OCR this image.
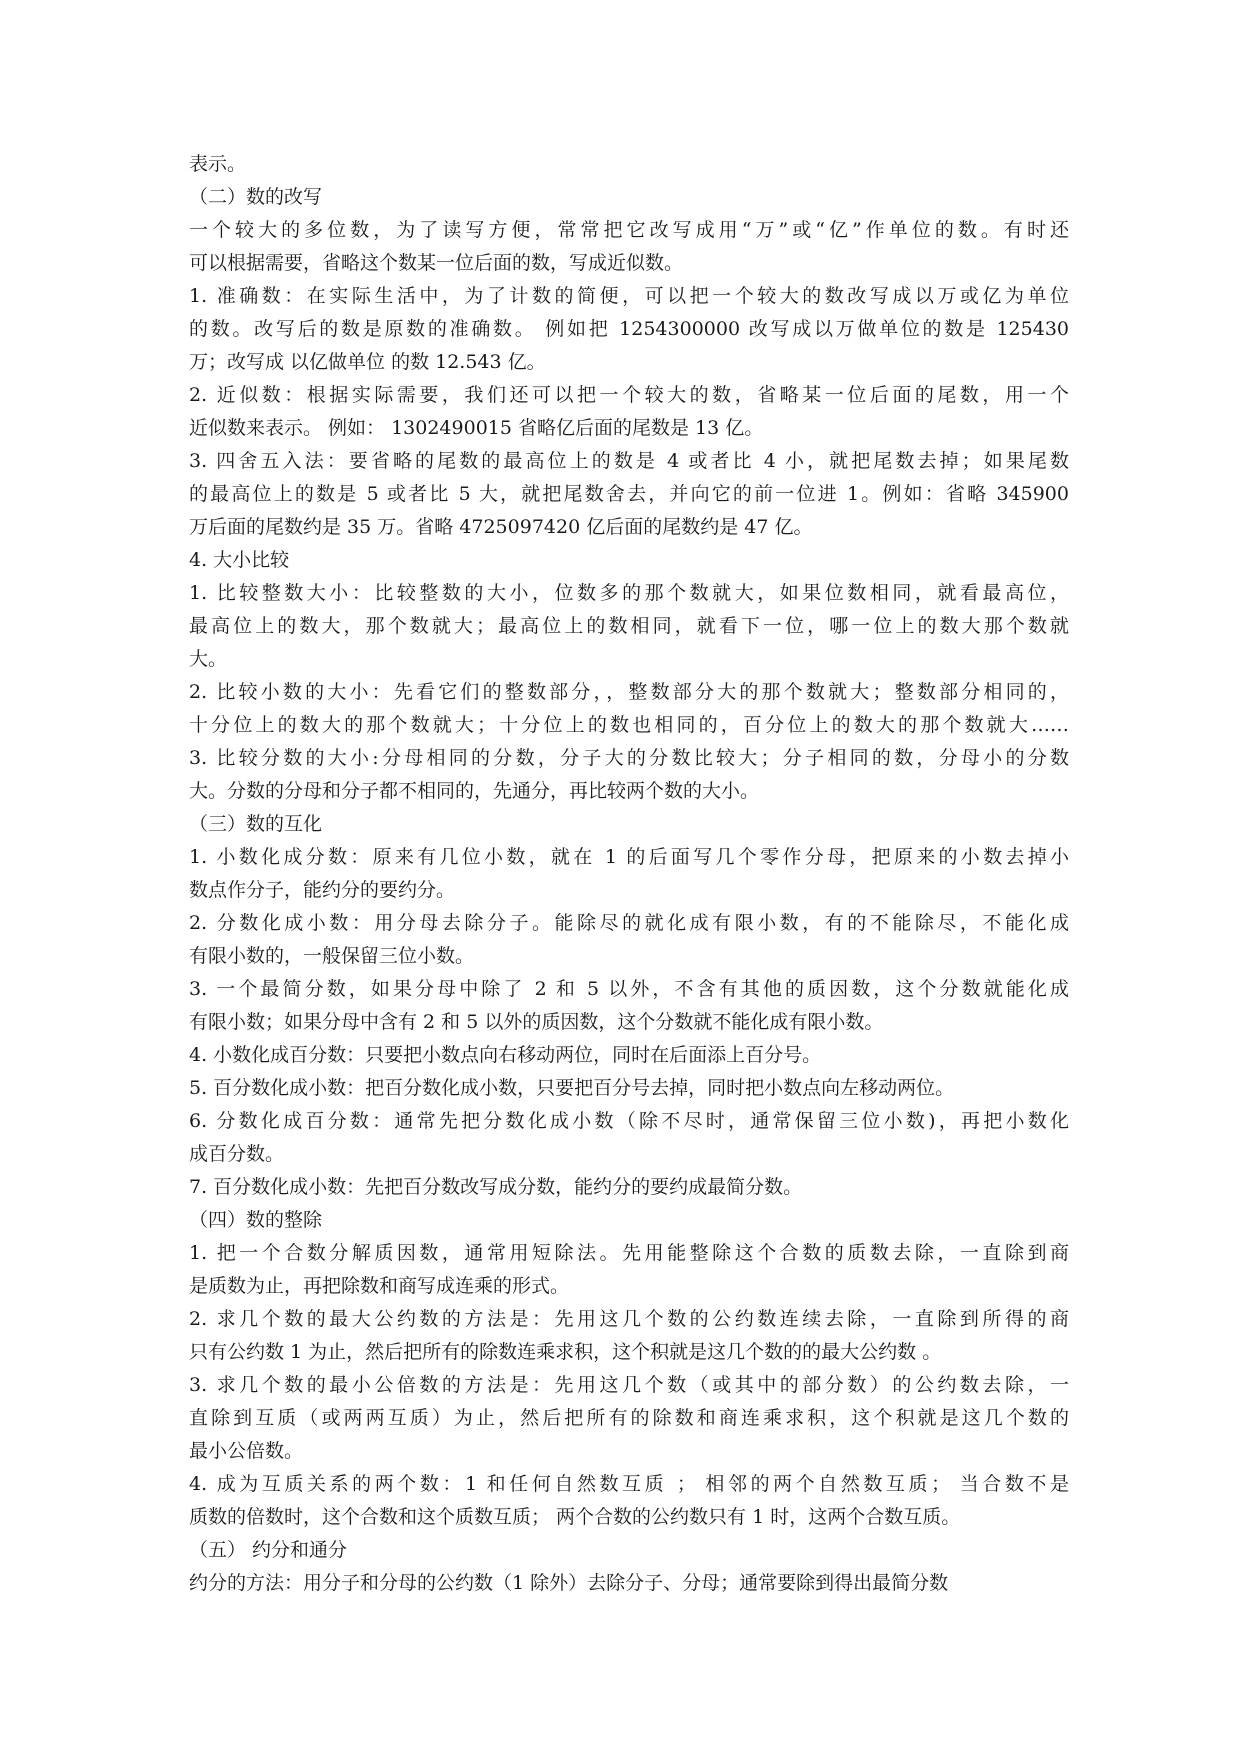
表示。
（二）数的改写
一个较大的多位数，为了读写方便，常常把它改写成用“万”或“亿”作单位的数。有时还
可以根据需要，省略这个数某一位后面的数，写成近似数。
1. 准确数：在实际生活中，为了计数的简便，可以把一个较大的数改写成以万或亿为单位
的数。改写后的数是原数的准确数。 例如把 1254300000 改写成以万做单位的数是 125430
万；改写成 以亿做单位 的数 12.543 亿。
2. 近似数：根据实际需要，我们还可以把一个较大的数，省略某一位后面的尾数，用一个
近似数来表示。 例如： 1302490015 省略亿后面的尾数是 13 亿。
3. 四舍五入法：要省略的尾数的最高位上的数是 4 或者比 4 小，就把尾数去掉；如果尾数
的最高位上的数是 5 或者比 5 大，就把尾数舍去，并向它的前一位进 1。例如：省略 345900
万后面的尾数约是 35 万。省略 4725097420 亿后面的尾数约是 47 亿。
4. 大小比较
1. 比较整数大小：比较整数的大小，位数多的那个数就大，如果位数相同，就看最高位，
最高位上的数大，那个数就大；最高位上的数相同，就看下一位，哪一位上的数大那个数就
大。
2. 比较小数的大小：先看它们的整数部分，，整数部分大的那个数就大；整数部分相同的，
十分位上的数大的那个数就大；十分位上的数也相同的，百分位上的数大的那个数就大……
3. 比较分数的大小:分母相同的分数，分子大的分数比较大；分子相同的数，分母小的分数
大。分数的分母和分子都不相同的，先通分，再比较两个数的大小。
（三）数的互化
1. 小数化成分数：原来有几位小数，就在 1 的后面写几个零作分母，把原来的小数去掉小
数点作分子，能约分的要约分。
2. 分数化成小数：用分母去除分子。能除尽的就化成有限小数，有的不能除尽，不能化成
有限小数的，一般保留三位小数。
3. 一个最简分数，如果分母中除了 2 和 5 以外，不含有其他的质因数，这个分数就能化成
有限小数；如果分母中含有 2 和 5 以外的质因数，这个分数就不能化成有限小数。
4. 小数化成百分数：只要把小数点向右移动两位，同时在后面添上百分号。
5. 百分数化成小数：把百分数化成小数，只要把百分号去掉，同时把小数点向左移动两位。
6. 分数化成百分数：通常先把分数化成小数（除不尽时，通常保留三位小数)，再把小数化
成百分数。
7. 百分数化成小数：先把百分数改写成分数，能约分的要约成最简分数。
（四）数的整除
1. 把一个合数分解质因数，通常用短除法。先用能整除这个合数的质数去除，一直除到商
是质数为止，再把除数和商写成连乘的形式。
2. 求几个数的最大公约数的方法是：先用这几个数的公约数连续去除，一直除到所得的商
只有公约数 1 为止，然后把所有的除数连乘求积，这个积就是这几个数的的最大公约数 。
3. 求几个数的最小公倍数的方法是：先用这几个数（或其中的部分数）的公约数去除，一
直除到互质（或两两互质）为止，然后把所有的除数和商连乘求积，这个积就是这几个数的
最小公倍数。
4. 成为互质关系的两个数：1 和任何自然数互质 ； 相邻的两个自然数互质； 当合数不是
质数的倍数时，这个合数和这个质数互质； 两个合数的公约数只有 1 时，这两个合数互质。
（五） 约分和通分
约分的方法：用分子和分母的公约数（1 除外）去除分子、分母；通常要除到得出最简分数
